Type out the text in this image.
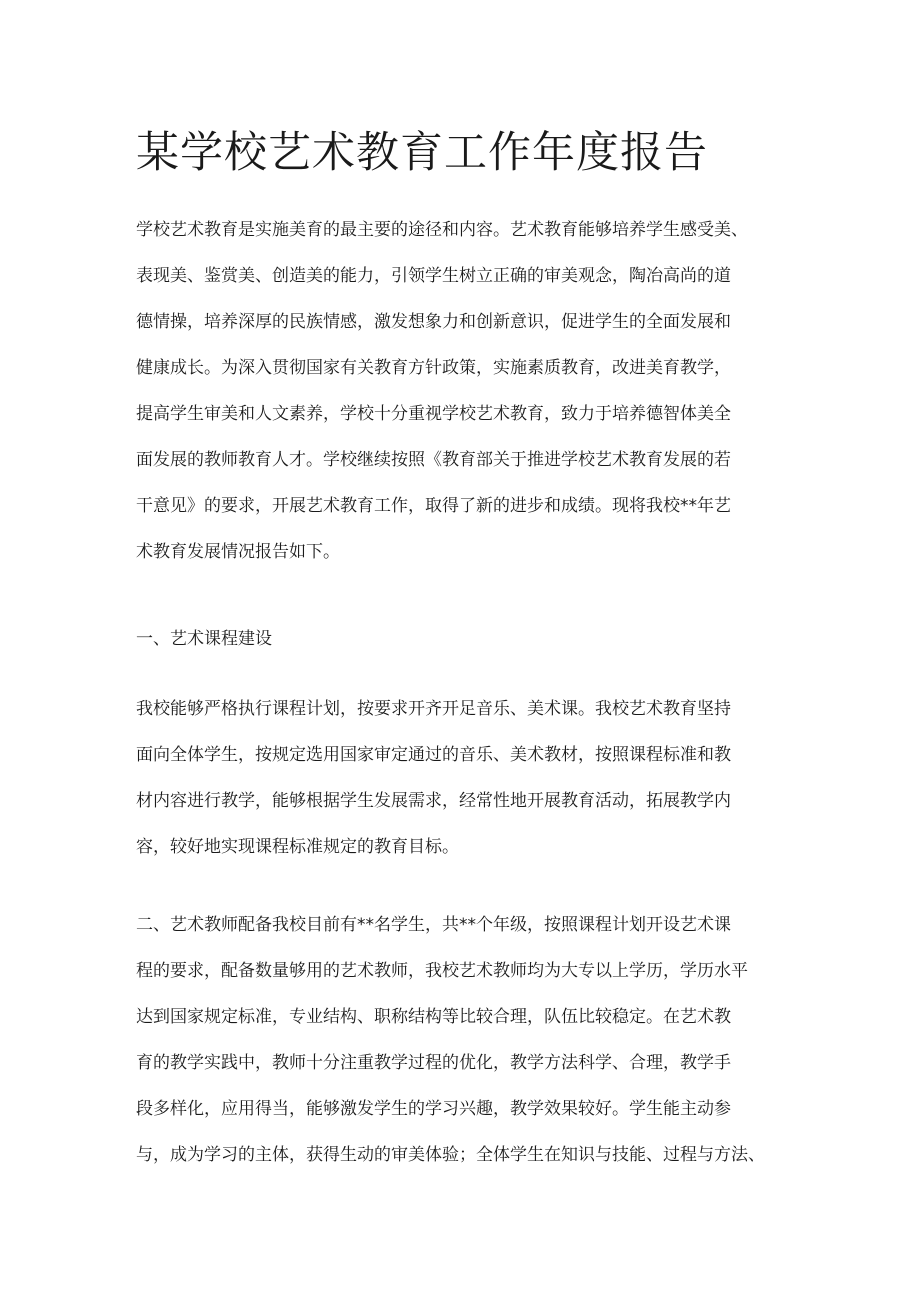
某学校艺术教育工作年度报告
学校艺术教育是实施美育的最主要的途径和内容。艺术教育能够培养学生感受美、
表现美、鉴赏美、创造美的能力，引领学生树立正确的审美观念，陶冶高尚的道
德情操，培养深厚的民族情感，激发想象力和创新意识，促进学生的全面发展和
健康成长。为深入贯彻国家有关教育方针政策，实施素质教育，改进美育教学，
提高学生审美和人文素养，学校十分重视学校艺术教育，致力于培养德智体美全
面发展的教师教育人才。学校继续按照《教育部关于推进学校艺术教育发展的若
干意见》的要求，开展艺术教育工作，取得了新的进步和成绩。现将我校**年艺
术教育发展情况报告如下。
一、艺术课程建设
我校能够严格执行课程计划，按要求开齐开足音乐、美术课。我校艺术教育坚持
面向全体学生，按规定选用国家审定通过的音乐、美术教材，按照课程标准和教
材内容进行教学，能够根据学生发展需求，经常性地开展教育活动，拓展教学内
容，较好地实现课程标准规定的教育目标。
二、艺术教师配备我校目前有**名学生，共**个年级，按照课程计划开设艺术课
程的要求，配备数量够用的艺术教师，我校艺术教师均为大专以上学历，学历水平
达到国家规定标准，专业结构、职称结构等比较合理，队伍比较稳定。在艺术教
育的教学实践中，教师十分注重教学过程的优化，教学方法科学、合理，教学手
段多样化，应用得当，能够激发学生的学习兴趣，教学效果较好。学生能主动参
与，成为学习的主体，获得生动的审美体验；全体学生在知识与技能、过程与方法、
